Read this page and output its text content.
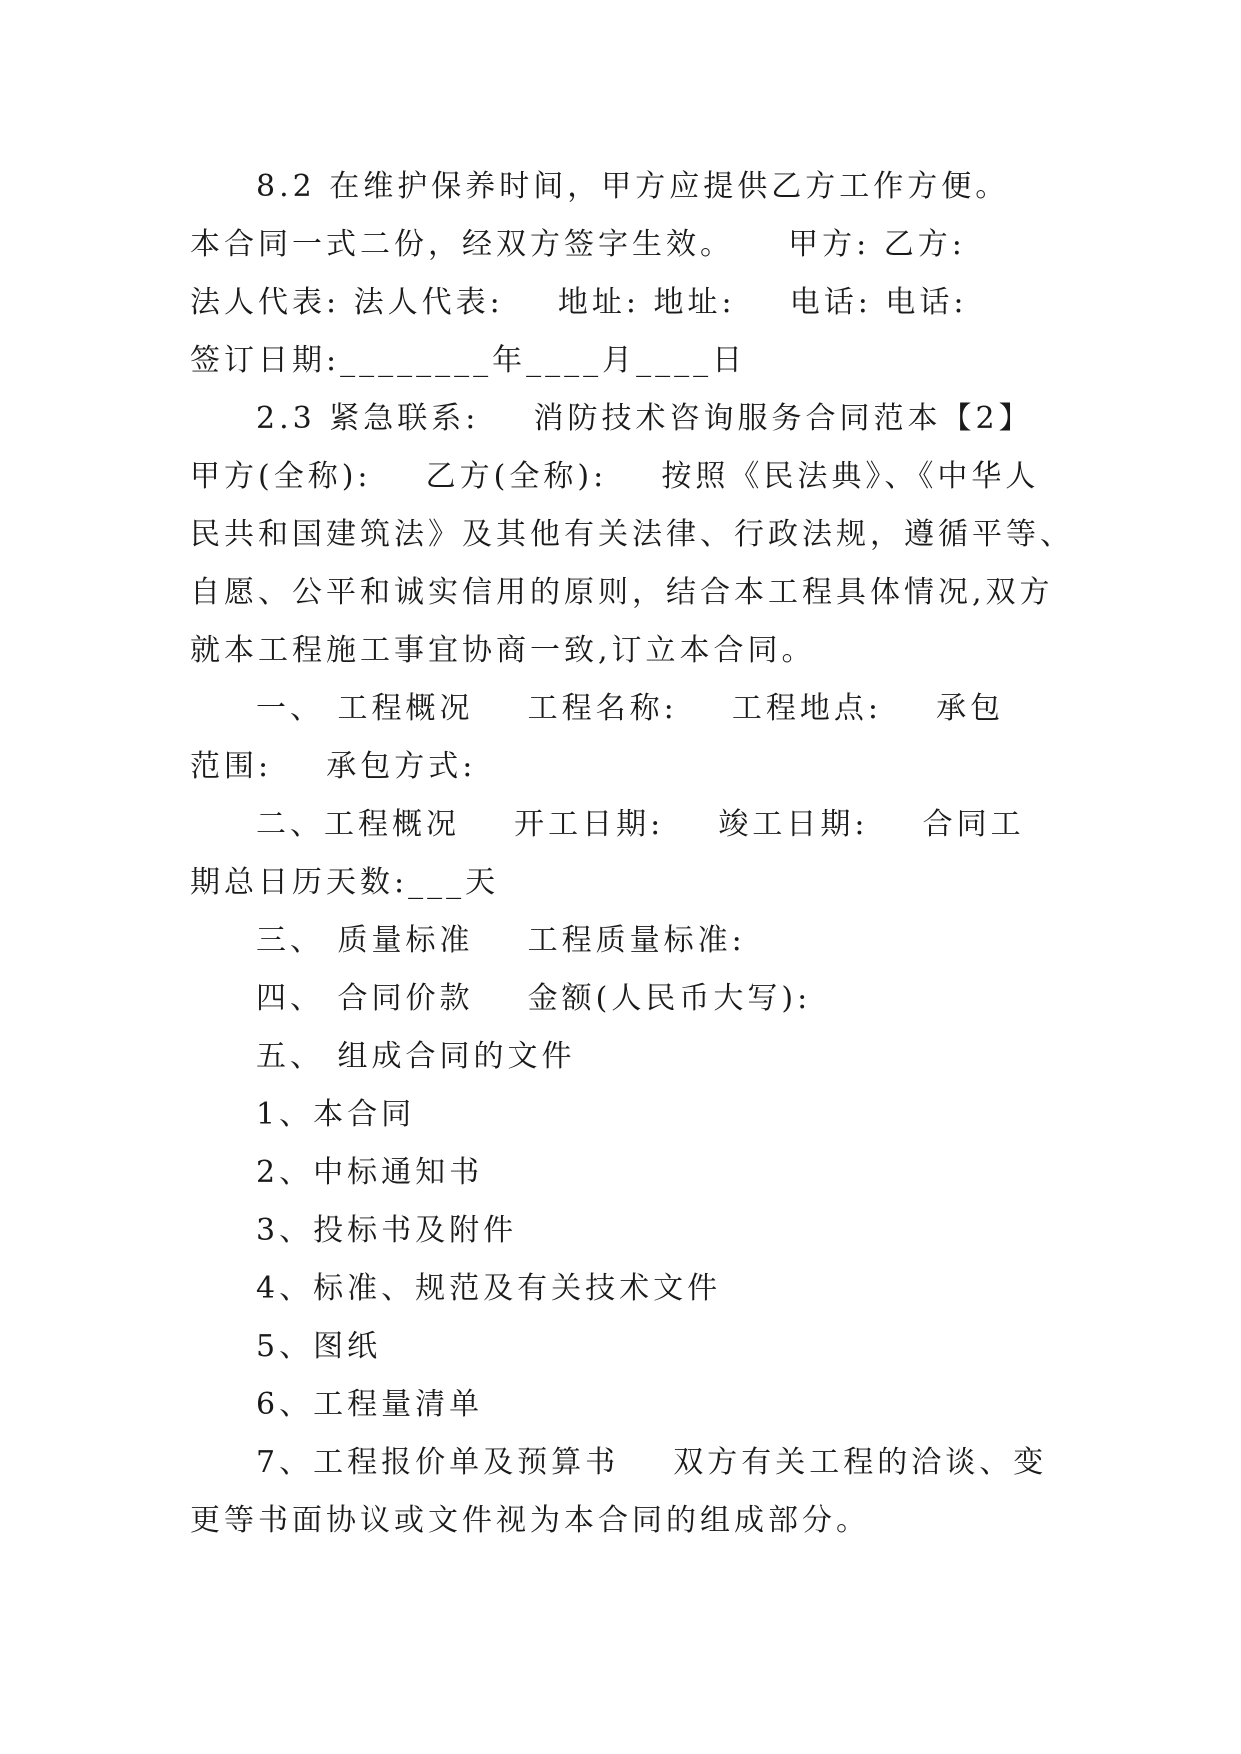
8.2 在维护保养时间，甲方应提供乙方工作方便。
本合同一式二份，经双方签字生效。    甲方: 乙方:
法人代表: 法人代表:    地址: 地址:    电话: 电话:
签订日期:________年____月____日
2.3 紧急联系:    消防技术咨询服务合同范本【2】
甲方(全称):    乙方(全称):    按照《民法典》、《中华人
民共和国建筑法》及其他有关法律、行政法规，遵循平等、
自愿、公平和诚实信用的原则，结合本工程具体情况,双方
就本工程施工事宜协商一致,订立本合同。
一、 工程概况    工程名称:    工程地点:    承包
范围:    承包方式:
二、工程概况    开工日期:    竣工日期:    合同工
期总日历天数:___天
三、 质量标准    工程质量标准:
四、 合同价款    金额(人民币大写):
五、 组成合同的文件
1、本合同
2、中标通知书
3、投标书及附件
4、标准、规范及有关技术文件
5、图纸
6、工程量清单
7、工程报价单及预算书    双方有关工程的洽谈、变
更等书面协议或文件视为本合同的组成部分。
